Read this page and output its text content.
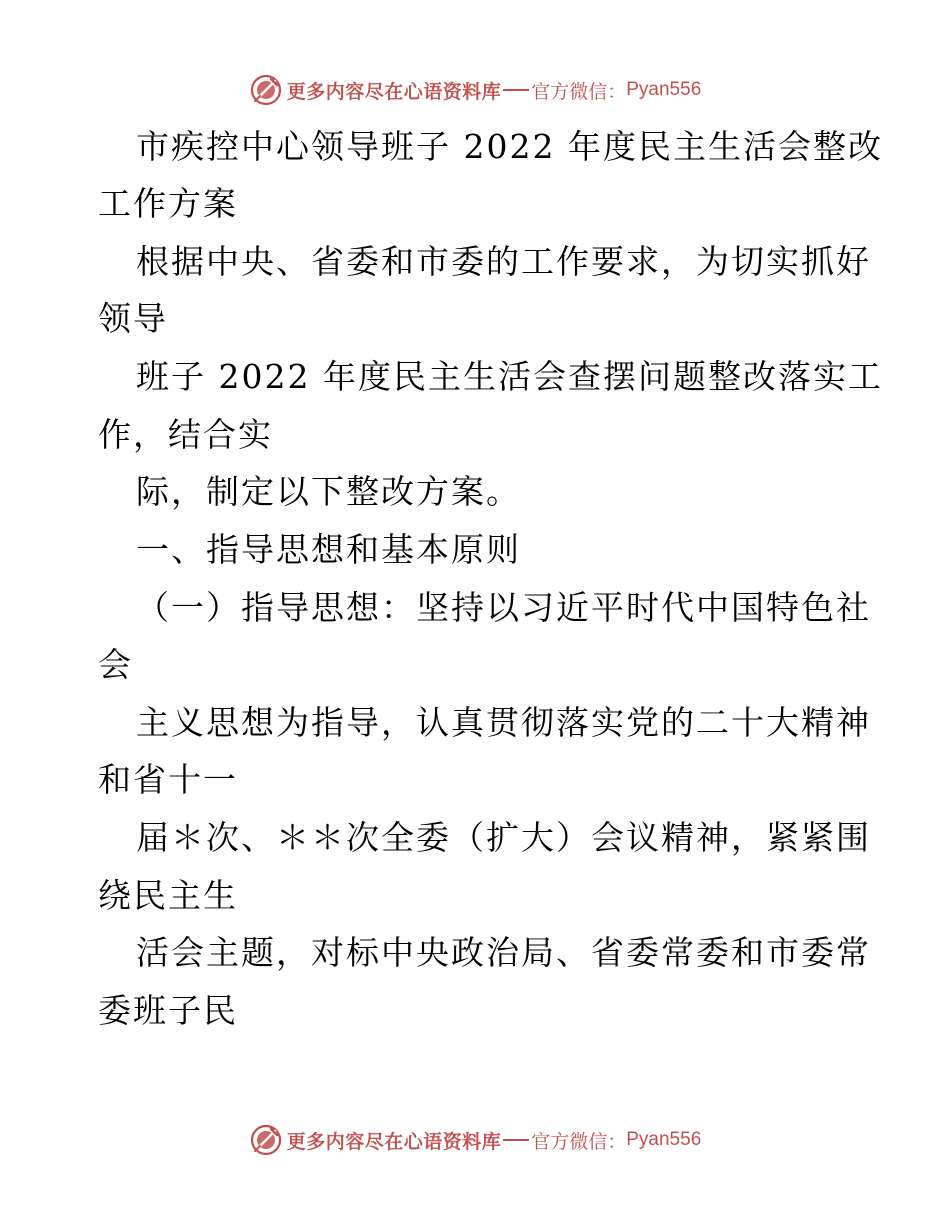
更多内容尽在心语资料库 官方微信： Pyan556
市疾控中心领导班子 2022 年度民主生活会整改
工作方案
根据中央、省委和市委的工作要求，为切实抓好
领导
班子 2022 年度民主生活会查摆问题整改落实工
作，结合实
际，制定以下整改方案。
一、指导思想和基本原则
（一）指导思想：坚持以习近平时代中国特色社
会
主义思想为指导，认真贯彻落实党的二十大精神
和省十一
届＊次、＊＊次全委（扩大）会议精神，紧紧围
绕民主生
活会主题，对标中央政治局、省委常委和市委常
委班子民
更多内容尽在心语资料库 官方微信： Pyan556
